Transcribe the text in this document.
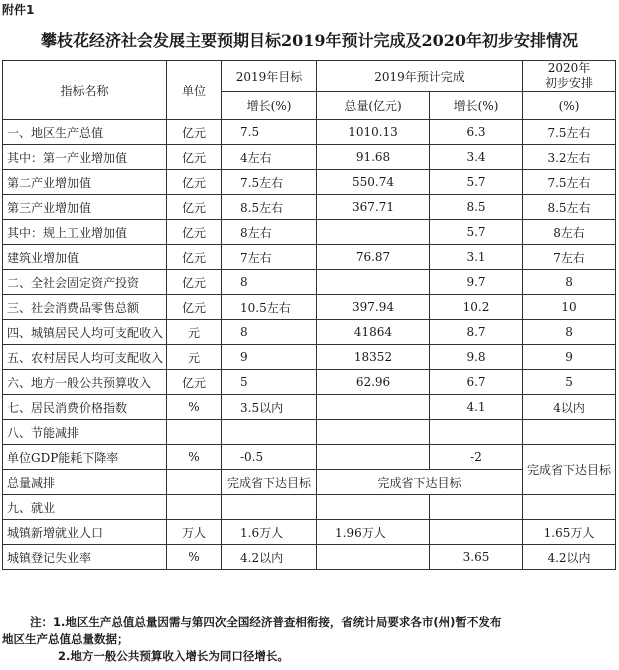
附件1
攀枝花经济社会发展主要预期目标2019年预计完成及2020年初步安排情况
指标名称	单位	2019年目标	2019年预计完成		2020年
初步安排

		增长(%)	总量(亿元)	增长(%)	(%)
一、地区生产总值	亿元	7.5	1010.13	6.3	7.5左右
其中：第一产业增加值	亿元	4左右	91.68	3.4	3.2左右
第二产业增加值	亿元	7.5左右	550.74	5.7	7.5左右
第三产业增加值	亿元	8.5左右	367.71	8.5	8.5左右
其中：规上工业增加值	亿元	8左右		5.7	8左右
建筑业增加值	亿元	7左右	76.87	3.1	7左右
二、全社会固定资产投资	亿元	8		9.7	8
三、社会消费品零售总额	亿元	10.5左右	397.94	10.2	10
四、城镇居民人均可支配收入	元	8	41864	8.7	8
五、农村居民人均可支配收入	元	9	18352	9.8	9
六、地方一般公共预算收入	亿元	5	62.96	6.7	5
七、居民消费价格指数	%	3.5以内		4.1	4以内
八、节能减排					
单位GDP能耗下降率	%	-0.5		-2	完成省下达目标
总量减排		完成省下达目标	完成省下达目标		
九、就业					
城镇新增就业人口	万人	1.6万人	1.96万人		1.65万人
城镇登记失业率	%	4.2以内		3.65	4.2以内
注：1.地区生产总值总量因需与第四次全国经济普查相衔接，省统计局要求各市(州)暂不发布
地区生产总值总量数据；
2.地方一般公共预算收入增长为同口径增长。
